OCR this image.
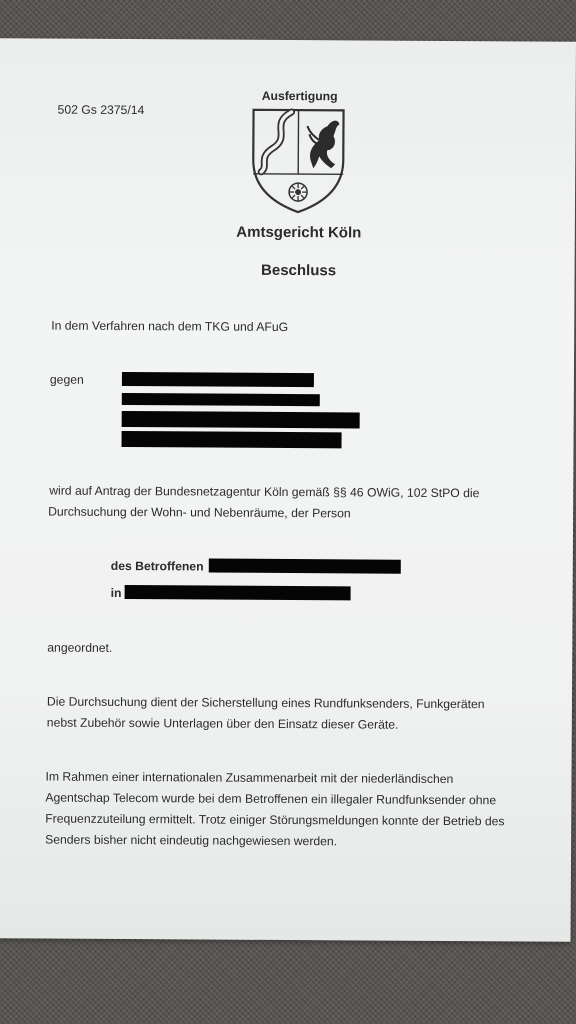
502 Gs 2375/14
Ausfertigung
Amtsgericht Köln
Beschluss
In dem Verfahren nach dem TKG und AFuG
gegen
wird auf Antrag der Bundesnetzagentur Köln gemäß §§ 46 OWiG, 102 StPO die
Durchsuchung der Wohn- und Nebenräume, der Person
des Betroffenen
in
angeordnet.
Die Durchsuchung dient der Sicherstellung eines Rundfunksenders, Funkgeräten
nebst Zubehör sowie Unterlagen über den Einsatz dieser Geräte.
Im Rahmen einer internationalen Zusammenarbeit mit der niederländischen
Agentschap Telecom wurde bei dem Betroffenen ein illegaler Rundfunksender ohne
Frequenzzuteilung ermittelt. Trotz einiger Störungsmeldungen konnte der Betrieb des
Senders bisher nicht eindeutig nachgewiesen werden.
